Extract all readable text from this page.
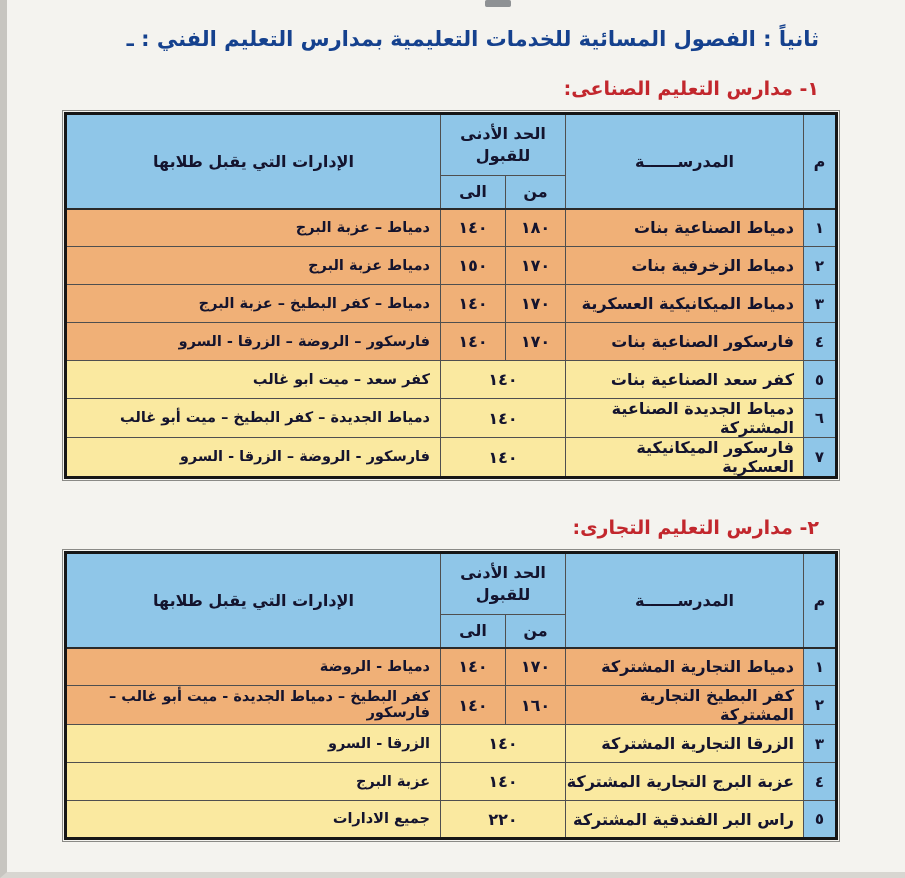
ثانياً : الفصول المسائية للخدمات التعليمية بمدارس التعليم الفني : ـ
١- مدارس التعليم الصناعى:
م	المدرســــــة	الحد الأدنى للقبول		الإدارات التي يقبل طلابها
		من	الى	
١	دمياط الصناعية بنات	١٨٠	١٤٠	دمياط – عزبة البرج
٢	دمياط الزخرفية بنات	١٧٠	١٥٠	دمياط عزبة البرج
٣	دمياط الميكانيكية العسكرية	١٧٠	١٤٠	دمياط – كفر البطيخ – عزبة البرج
٤	فارسكور الصناعية بنات	١٧٠	١٤٠	فارسكور – الروضة – الزرقا - السرو
٥	كفر سعد الصناعية بنات	١٤٠		كفر سعد – ميت ابو غالب
٦	دمياط الجديدة الصناعية المشتركة	١٤٠		دمياط الجديدة – كفر البطيخ – ميت أبو غالب
٧	فارسكور الميكانيكية العسكرية	١٤٠		فارسكور - الروضة – الزرقا - السرو
٢- مدارس التعليم التجارى:
م	المدرســــــة	الحد الأدنى للقبول		الإدارات التي يقبل طلابها
		من	الى	
١	دمياط التجارية المشتركة	١٧٠	١٤٠	دمياط - الروضة
٢	كفر البطيخ التجارية المشتركة	١٦٠	١٤٠	كفر البطيخ – دمياط الجديدة - ميت أبو غالب – فارسكور
٣	الزرقا التجارية المشتركة	١٤٠		الزرقا - السرو
٤	عزبة البرج التجارية المشتركة	١٤٠		عزبة البرج
٥	راس البر الفندقية المشتركة	٢٢٠		جميع الادارات
